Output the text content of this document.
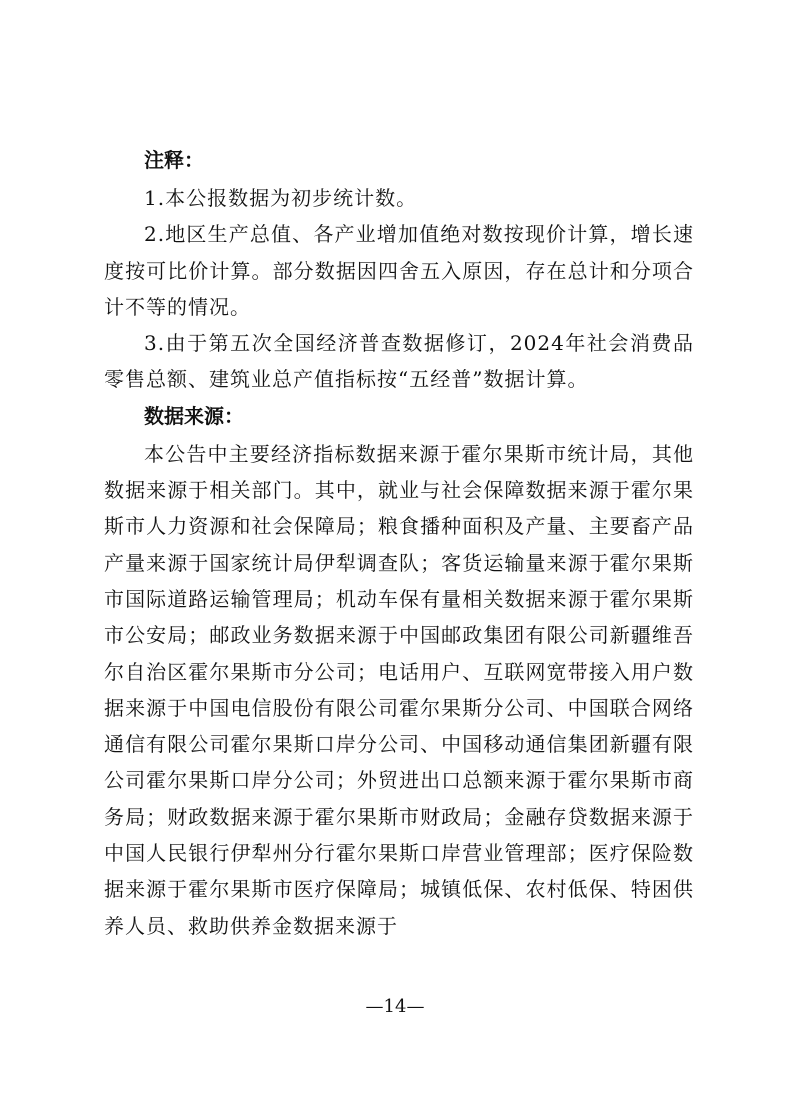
注释：

1.本公报数据为初步统计数。

2.地区生产总值、各产业增加值绝对数按现价计算，增长速度按可比价计算。部分数据因四舍五入原因，存在总计和分项合计不等的情况。

3.由于第五次全国经济普查数据修订，2024年社会消费品零售总额、建筑业总产值指标按“五经普”数据计算。

数据来源：

本公告中主要经济指标数据来源于霍尔果斯市统计局，其他数据来源于相关部门。其中，就业与社会保障数据来源于霍尔果斯市人力资源和社会保障局；粮食播种面积及产量、主要畜产品产量来源于国家统计局伊犁调查队；客货运输量来源于霍尔果斯市国际道路运输管理局；机动车保有量相关数据来源于霍尔果斯市公安局；邮政业务数据来源于中国邮政集团有限公司新疆维吾尔自治区霍尔果斯市分公司；电话用户、互联网宽带接入用户数据来源于中国电信股份有限公司霍尔果斯分公司、中国联合网络通信有限公司霍尔果斯口岸分公司、中国移动通信集团新疆有限公司霍尔果斯口岸分公司；外贸进出口总额来源于霍尔果斯市商务局；财政数据来源于霍尔果斯市财政局；金融存贷数据来源于中国人民银行伊犁州分行霍尔果斯口岸营业管理部；医疗保险数据来源于霍尔果斯市医疗保障局；城镇低保、农村低保、特困供养人员、救助供养金数据来源于

—14—
